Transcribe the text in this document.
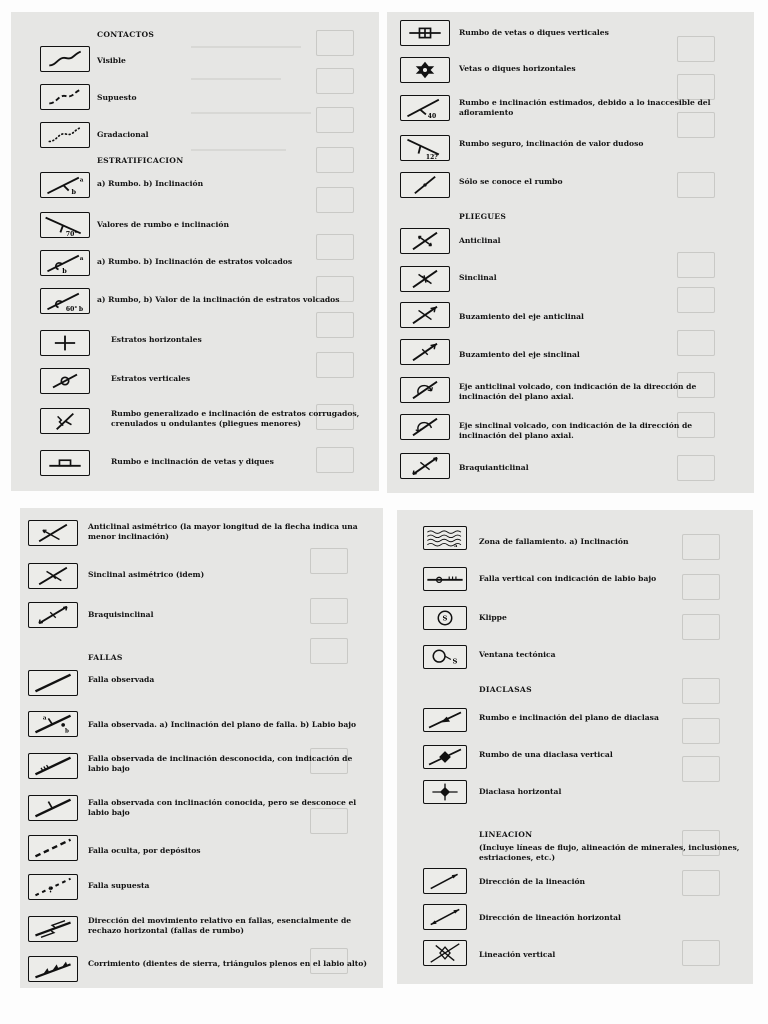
CONTACTOS
Visible
Supuesto
Gradacional
ESTRATIFICACION
b
a a) Rumbo. b) Inclinación
70°
Valores de rumbo e inclinación
b
a a) Rumbo. b) Inclinación de estratos volcados
60° b
a) Rumbo, b) Valor de la inclinación de estratos volcados
Estratos horizontales
Estratos verticales
Rumbo generalizado e inclinación de estratos corrugados, crenulados u ondulantes (pliegues menores)
Rumbo e inclinación de vetas y diques
Rumbo de vetas o diques verticales
Vetas o diques horizontales
40
Rumbo e inclinación estimados, debido a lo inaccesible del afloramiento
12?
Rumbo seguro, inclinación de valor dudoso
Sólo se conoce el rumbo
PLIEGUES
Anticlinal
Sinclinal
Buzamiento del eje anticlinal
Buzamiento del eje sinclinal
Eje anticlinal volcado, con indicación de la dirección de inclinación del plano axial.
Eje sinclinal volcado, con indicación de la dirección de inclinación del plano axial.
Braquianticlinal
Anticlinal asimétrico (la mayor longitud de la flecha indica una menor inclinación)
Sinclinal asimétrico (idem)
Braquisinclinal
FALLAS
Falla observada
a
b
Falla observada. a) Inclinación del plano de falla. b) Labio bajo
Falla observada de inclinación desconocida, con indicación de labio bajo
Falla observada con inclinación conocida, pero se desconoce el labio bajo
Falla oculta, por depósitos
?	Falla supuesta
Dirección del movimiento relativo en fallas, esencialmente de rechazo horizontal (fallas de rumbo)
Corrimiento (dientes de sierra, triángulos plenos en el labio alto)
a
Zona de fallamiento. a) Inclinación
Falla vertical con indicación de labio bajo
S	Klippe
S
Ventana tectónica
DIACLASAS
Rumbo e inclinación del plano de diaclasa
Rumbo de una diaclasa vertical
Diaclasa horizontal
LINEACION
(Incluye líneas de flujo, alineación de minerales, inclusiones, estriaciones, etc.)
Dirección de la lineación
Dirección de lineación horizontal
Lineación vertical
